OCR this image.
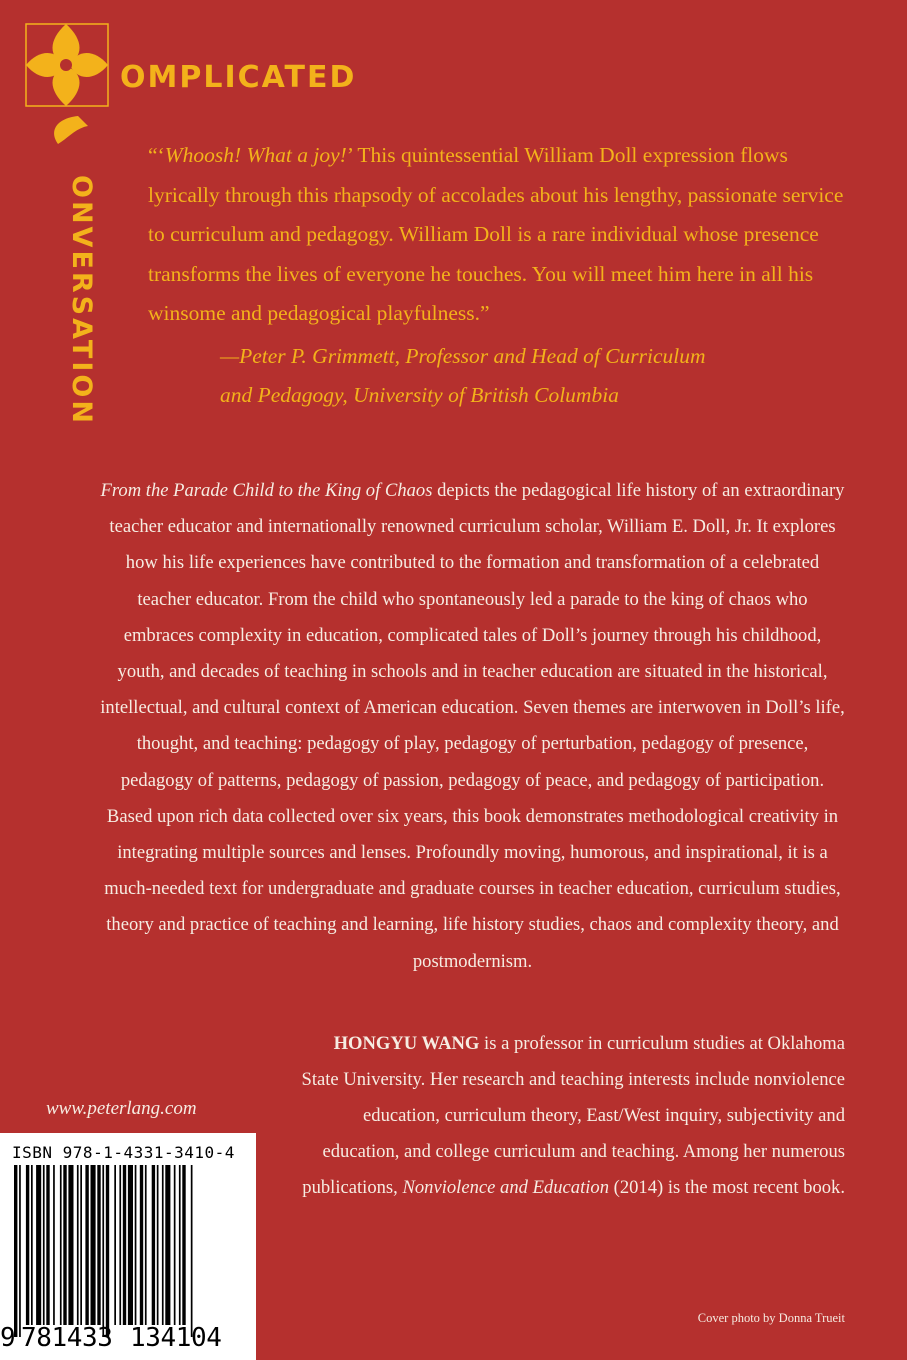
OMPLICATED
ONVERSATION
“‘Whoosh! What a joy!’ This quintessential William Doll expression flows lyrically through this rhapsody of accolades about his lengthy, passionate service to curriculum and pedagogy. William Doll is a rare individual whose presence transforms the lives of everyone he touches. You will meet him here in all his winsome and pedagogical playfulness.”
—Peter P. Grimmett, Professor and Head of Curriculum
and Pedagogy, University of British Columbia
From the Parade Child to the King of Chaos depicts the pedagogical life history of an extraordinary teacher educator and internationally renowned curriculum scholar, William E. Doll, Jr. It explores how his life experiences have contributed to the formation and transformation of a celebrated teacher educator. From the child who spontaneously led a parade to the king of chaos who embraces complexity in education, complicated tales of Doll’s journey through his childhood, youth, and decades of teaching in schools and in teacher education are situated in the historical, intellectual, and cultural context of American education. Seven themes are interwoven in Doll’s life, thought, and teaching: pedagogy of play, pedagogy of perturbation, pedagogy of presence, pedagogy of patterns, pedagogy of passion, pedagogy of peace, and pedagogy of participation. Based upon rich data collected over six years, this book demonstrates methodological creativity in integrating multiple sources and lenses. Profoundly moving, humorous, and inspirational, it is a much-needed text for undergraduate and graduate courses in teacher education, curriculum studies, theory and practice of teaching and learning, life history studies, chaos and complexity theory, and postmodernism.
HONGYU WANG is a professor in curriculum studies at Oklahoma State University. Her research and teaching interests include nonviolence education, curriculum theory, East/West inquiry, subjectivity and education, and college curriculum and teaching. Among her numerous publications, Nonviolence and Education (2014) is the most recent book.
www.peterlang.com
ISBN 978-1-4331-3410-4
9 781433 134104
Cover photo by Donna Trueit
